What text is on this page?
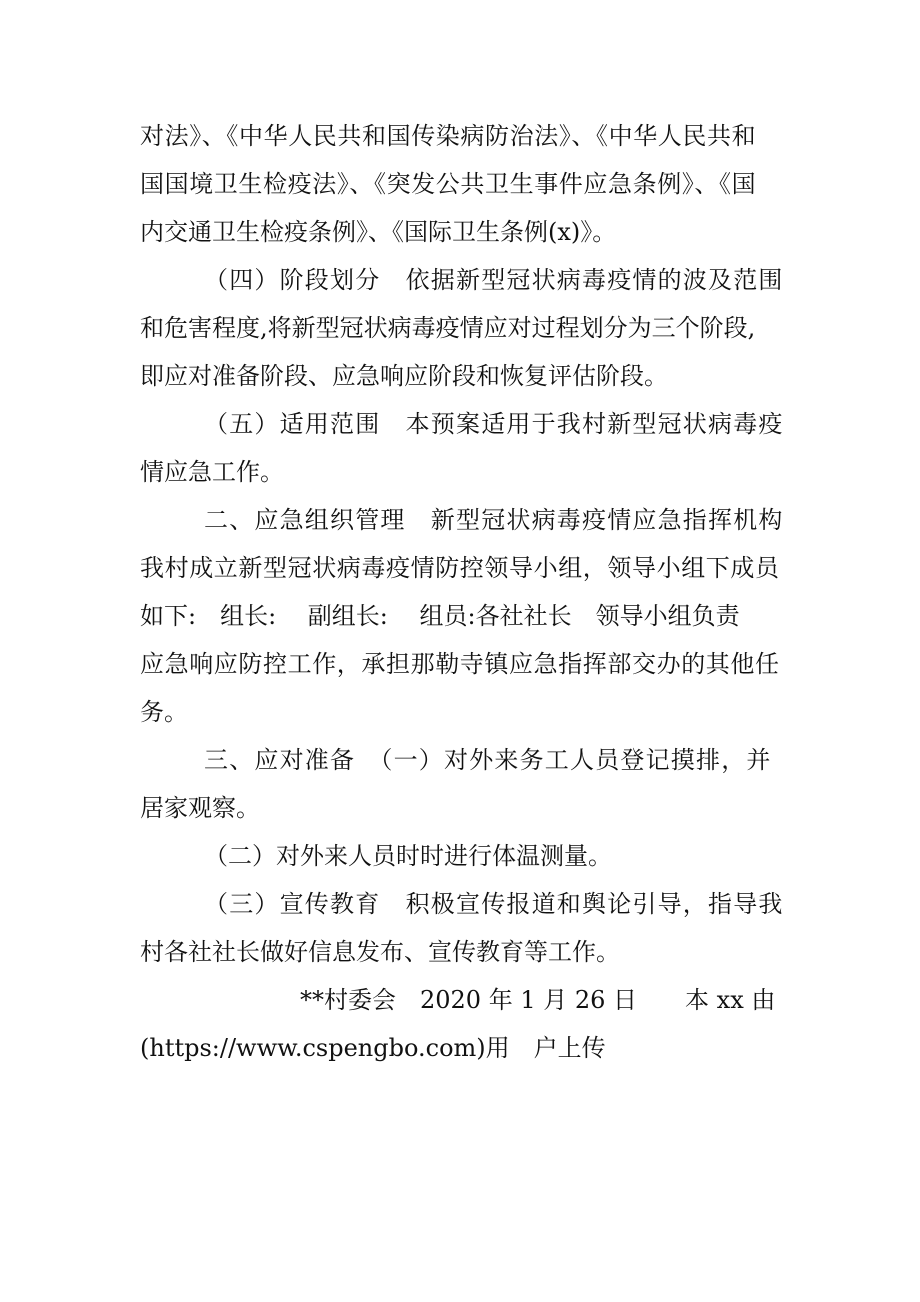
对法》、《中华人民共和国传染病防治法》、《中华人民共和
国国境卫生检疫法》、《突发公共卫生事件应急条例》、《国
内交通卫生检疫条例》、《国际卫生条例(x)》。
（四）阶段划分　依据新型冠状病毒疫情的波及范围
和危害程度,将新型冠状病毒疫情应对过程划分为三个阶段,
即应对准备阶段、应急响应阶段和恢复评估阶段。
（五）适用范围　本预案适用于我村新型冠状病毒疫
情应急工作。
二、应急组织管理　新型冠状病毒疫情应急指挥机构
我村成立新型冠状病毒疫情防控领导小组，领导小组下成员
如下:　组长:　 副组长:　 组员:各社社长　领导小组负责
应急响应防控工作，承担那勒寺镇应急指挥部交办的其他任
务。
三、应对准备　（一）对外来务工人员登记摸排，并
居家观察。
（二）对外来人员时时进行体温测量。
（三）宣传教育　积极宣传报道和舆论引导，指导我
村各社社长做好信息发布、宣传教育等工作。
**村委会　2020 年 1 月 26 日　　本 xx 由
(https://www.cspengbo.com)用　户上传
